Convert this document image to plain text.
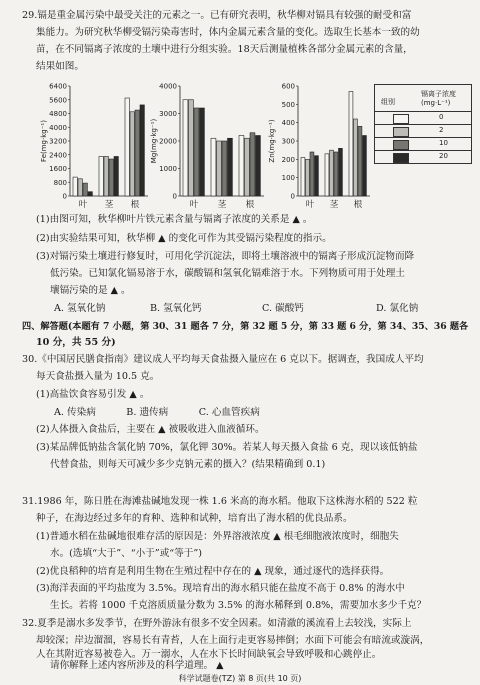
29.镉是重金属污染中最受关注的元素之一。已有研究表明，秋华柳对镉具有较强的耐受和富
集能力。为研究秋华柳受镉污染毒害时，体内金属元素含量的变化。选取生长基本一致的幼
苗，在不同镉离子浓度的土壤中进行分组实验。18天后测量植株各部分金属元素的含量，
结果如图。
0
800
1600
2400
3200
4000
4800
5600
6400
Fe(mg·kg⁻¹)
叶 茎 根
0
1000
2000
3000
4000
Mg(mg·kg⁻¹)
叶 茎 根
0
100
200
300
400
500
600
Zn(mg·kg⁻¹)
叶 茎 根
组别
镉离子浓度
(mg·L⁻¹)
0
2
10
20
(1)由图可知，秋华柳叶片铁元素含量与镉离子浓度的关系是 ▲ 。
(2)由实验结果可知，秋华柳 ▲ 的变化可作为其受镉污染程度的指示。
(3)对镉污染土壤进行修复时，可用化学沉淀法，即将土壤溶液中的镉离子形成沉淀物而降
低污染。已知氯化镉易溶于水，碳酸镉和氢氧化镉难溶于水。下列物质可用于处理土
壤镉污染的是 ▲ 。
A. 氢氧化钠	B. 氢氧化钙	C. 碳酸钙	D. 氯化钠
四、解答题(本题有 7 小题，第 30、31 题各 7 分，第 32 题 5 分，第 33 题 6 分，第 34、35、36 题各
10 分，共 55 分)
30.《中国居民膳食指南》建议成人平均每天食盐摄入量应在 6 克以下。据调查，我国成人平均
每天食盐摄入量为 10.5 克。
(1)高盐饮食容易引发 ▲ 。
A. 传染病          B. 遗传病          C. 心血管疾病
(2)人体摄入食盐后，主要在 ▲ 被吸收进入血液循环。
(3)某品牌低钠盐含氯化钠 70%，氯化钾 30%。若某人每天摄入食盐 6 克，现以该低钠盐
代替食盐，则每天可减少多少克钠元素的摄入？(结果精确到 0.1)
31.1986 年，陈日胜在海滩盐碱地发现一株 1.6 米高的海水稻。他取下这株海水稻的 522 粒
种子，在海边经过多年的育种、选种和试种，培育出了海水稻的优良品系。
(1)普通水稻在盐碱地很难存活的原因是：外界溶液浓度 ▲ 根毛细胞液浓度时，细胞失
水。(选填“大于”、“小于”或“等于”)
(2)优良稻种的培育是利用生物在生殖过程中存在的 ▲ 现象，通过逐代的选择获得。
(3)海洋表面的平均盐度为 3.5%。现培育出的海水稻只能在盐度不高于 0.8% 的海水中
生长。若将 1000 千克溶质质量分数为 3.5% 的海水稀释到 0.8%，需要加水多少千克？
32.夏季是溺水多发季节，在野外游泳有很多不安全因素。如清澈的溪流看上去较浅，实际上
却较深；岸边溜溜，容易长有青苔，人在上面行走更容易摔倒；水面下可能会有暗流或漩涡，
人在其附近容易被卷入。万一溺水，人在水下长时间缺氧会导致呼吸和心跳停止。
请你解释上述内容所涉及的科学道理。 ▲
科学试题卷(TZ) 第 8 页(共 10 页)
